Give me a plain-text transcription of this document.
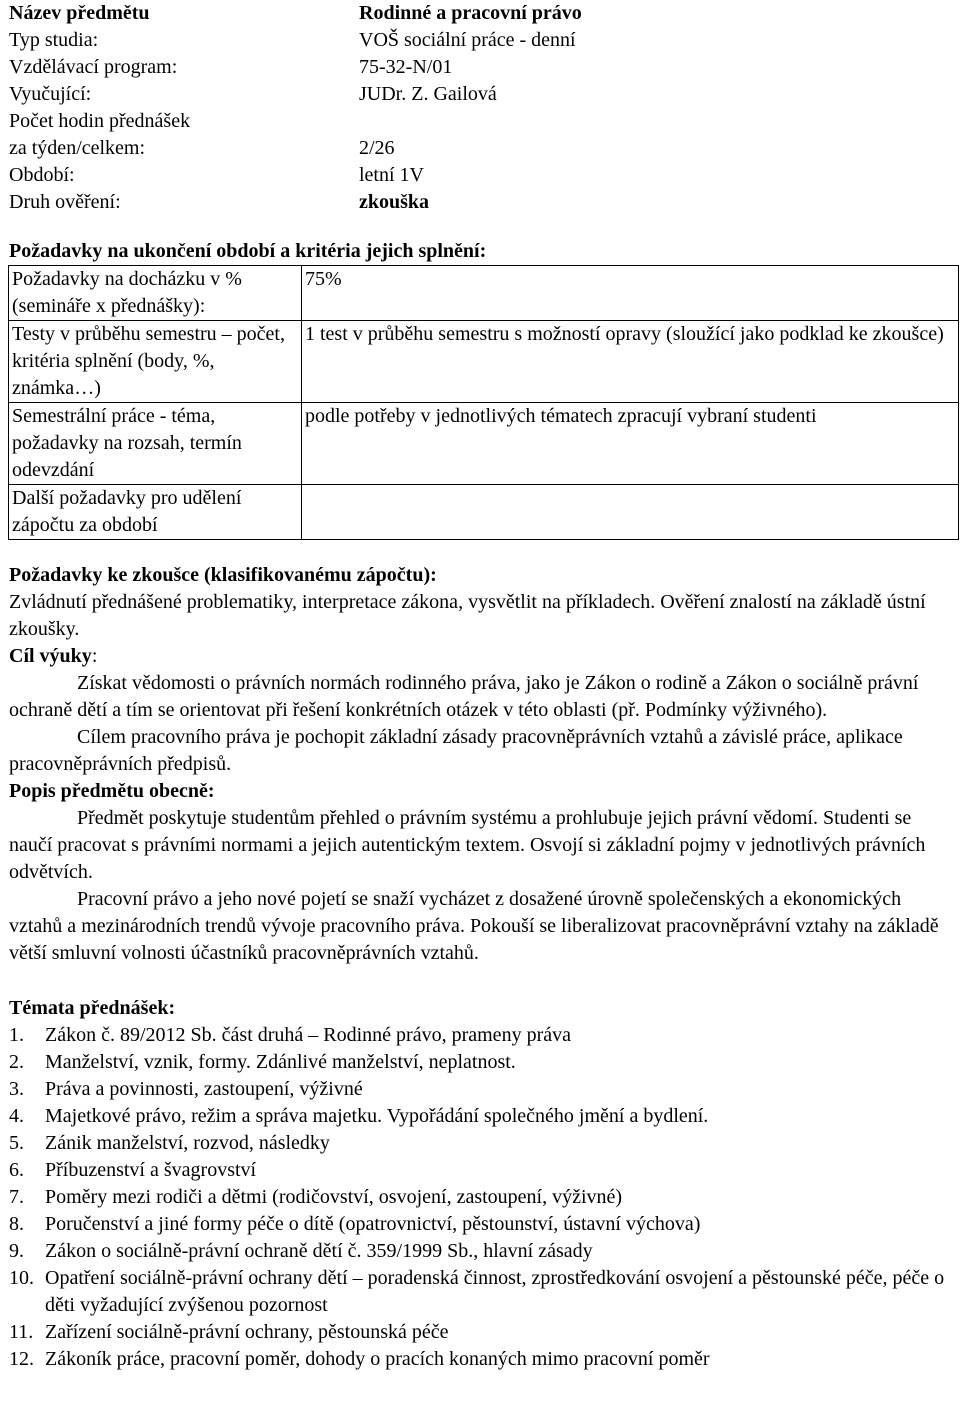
Název předmětu	Rodinné a pracovní právo
Typ studia:	VOŠ sociální práce - denní
Vzdělávací program:	75-32-N/01
Vyučující:	JUDr. Z. Gailová
Počet hodin přednášek
za týden/celkem:	2/26
Období:	letní 1V
Druh ověření:	zkouška
Požadavky na ukončení období a kritéria jejich splnění:
Požadavky na docházku v % (semináře x přednášky):	75%
Testy v průběhu semestru – počet, kritéria splnění (body, %, známka…)	1 test v průběhu semestru s možností opravy (sloužící jako podklad ke zkoušce)
Semestrální práce - téma, požadavky na rozsah, termín odevzdání	podle potřeby v jednotlivých tématech zpracují vybraní studenti
Další požadavky pro udělení zápočtu za období	
Požadavky ke zkoušce (klasifikovanému zápočtu):

Zvládnutí přednášené problematiky, interpretace zákona, vysvětlit na příkladech. Ověření znalostí na základě ústní zkoušky.

Cíl výuky:

Získat vědomosti o právních normách rodinného práva, jako je Zákon o rodině a Zákon o sociálně právní ochraně dětí a tím se orientovat při řešení konkrétních otázek v této oblasti (př. Podmínky výživného).

Cílem pracovního práva je pochopit základní zásady pracovněprávních vztahů a závislé práce, aplikace pracovněprávních předpisů.

Popis předmětu obecně:

Předmět poskytuje studentům přehled o právním systému a prohlubuje jejich právní vědomí. Studenti se naučí pracovat s právními normami a jejich autentickým textem. Osvojí si základní pojmy v jednotlivých právních odvětvích.

Pracovní právo a jeho nové pojetí se snaží vycházet z dosažené úrovně společenských a ekonomických vztahů a mezinárodních trendů vývoje pracovního práva. Pokouší se liberalizovat pracovněprávní vztahy na základě větší smluvní volnosti účastníků pracovněprávních vztahů.

Témata přednášek:
1.	Zákon č. 89/2012 Sb. část druhá – Rodinné právo, prameny práva
2.	Manželství, vznik, formy. Zdánlivé manželství, neplatnost.
3.	Práva a povinnosti, zastoupení, výživné
4.	Majetkové právo, režim a správa majetku. Vypořádání společného jmění a bydlení.
5.	Zánik manželství, rozvod, následky
6.	Příbuzenství a švagrovství
7.	Poměry mezi rodiči a dětmi (rodičovství, osvojení, zastoupení, výživné)
8.	Poručenství a jiné formy péče o dítě (opatrovnictví, pěstounství, ústavní výchova)
9.	Zákon o sociálně-právní ochraně dětí č. 359/1999 Sb., hlavní zásady
10. Opatření sociálně-právní ochrany dětí – poradenská činnost, zprostředkování osvojení a pěstounské péče, péče o děti vyžadující zvýšenou pozornost
11. Zařízení sociálně-právní ochrany, pěstounská péče
12. Zákoník práce, pracovní poměr, dohody o pracích konaných mimo pracovní poměr
